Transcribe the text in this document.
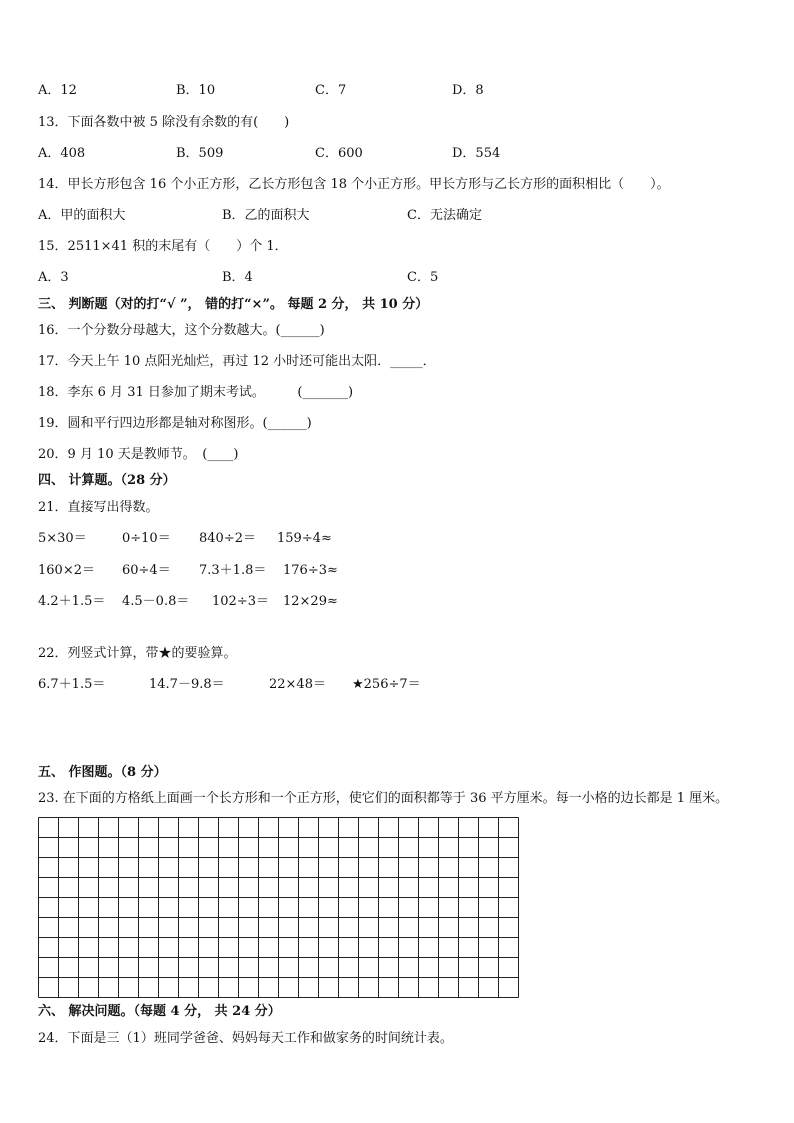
A．12	B．10	C．7	D．8
13．下面各数中被 5 除没有余数的有(　　)
A．408	B．509	C．600	D．554
14．甲长方形包含 16 个小正方形，乙长方形包含 18 个小正方形。甲长方形与乙长方形的面积相比（　　）。
A．甲的面积大	B．乙的面积大	C．无法确定
15．2511×41 积的末尾有（　　）个 1．
A．3	B．4	C．5
三、 判断题（对的打“√ ”， 错的打“×”。 每题 2 分， 共 10 分）
16．一个分数分母越大，这个分数越大。(______)
17．今天上午 10 点阳光灿烂，再过 12 小时还可能出太阳．_____．
18．李东 6 月 31 日参加了期末考试。　　　(_______)
19．圆和平行四边形都是轴对称图形。(______)
20．9 月 10 天是教师节。　(____)
四、 计算题。（28 分）
21．直接写出得数。
5×30＝	0÷10＝ 840÷2＝ 159÷4≈
160×2＝ 60÷4＝ 7.3＋1.8＝ 176÷3≈
4.2＋1.5＝ 4.5－0.8＝ 102÷3＝ 12×29≈
22．列竖式计算，带★的要验算。
6.7＋1.5＝	14.7－9.8＝	22×48＝ ★256÷7＝
五、 作图题。（8 分）
23. 在下面的方格纸上面画一个长方形和一个正方形，使它们的面积都等于 36 平方厘米。每一小格的边长都是 1 厘米。
六、 解决问题。（每题 4 分， 共 24 分）
24．下面是三（1）班同学爸爸、妈妈每天工作和做家务的时间统计表。
